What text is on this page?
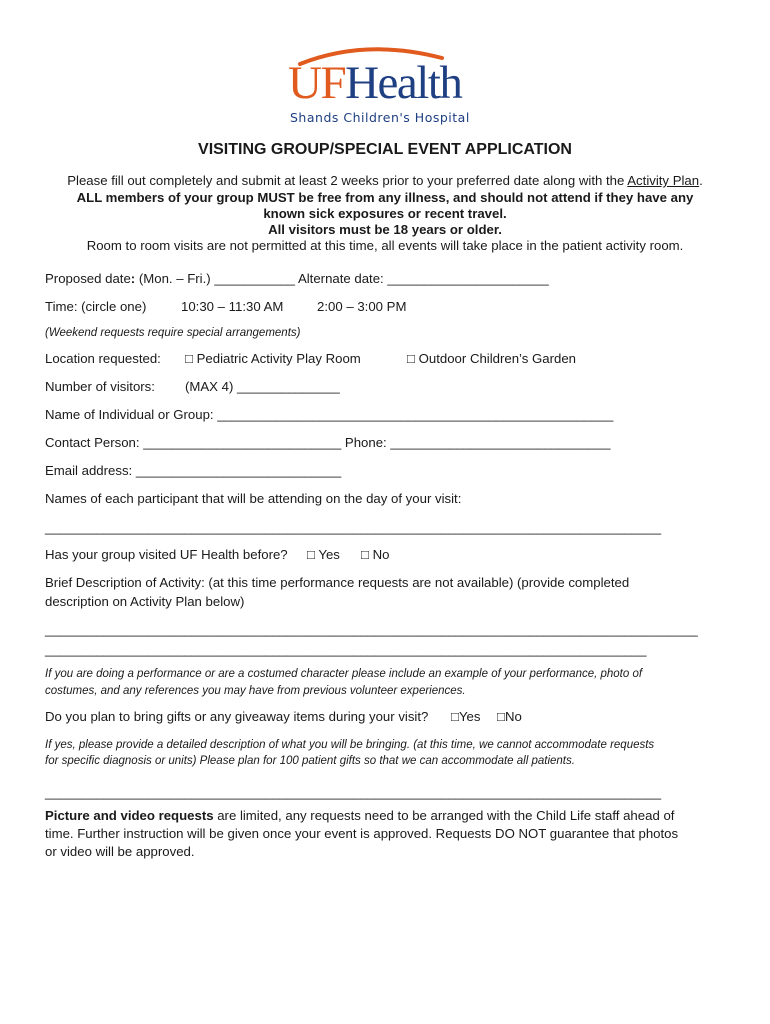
UFHealth
Shands Children's Hospital
VISITING GROUP/SPECIAL EVENT APPLICATION
Please fill out completely and submit at least 2 weeks prior to your preferred date along with the Activity Plan.
ALL members of your group MUST be free from any illness, and should not attend if they have any
known sick exposures or recent travel.
All visitors must be 18 years or older.
Room to room visits are not permitted at this time, all events will take place in the patient activity room.
Proposed date: (Mon. – Fri.) ___________ Alternate date: ______________________
Time: (circle one)	10:30 – 11:30 AM	2:00 – 3:00 PM
(Weekend requests require special arrangements)
Location requested: □ Pediatric Activity Play Room	□ Outdoor Children’s Garden
Number of visitors: (MAX 4) ______________
Name of Individual or Group: ______________________________________________________
Contact Person: ___________________________ Phone: ______________________________
Email address: ____________________________
Names of each participant that will be attending on the day of your visit:
____________________________________________________________________________________
Has your group visited UF Health before? □ Yes □ No
Brief Description of Activity: (at this time performance requests are not available) (provide completed
description on Activity Plan below)
_________________________________________________________________________________________
__________________________________________________________________________________
If you are doing a performance or are a costumed character please include an example of your performance, photo of
costumes, and any references you may have from previous volunteer experiences.
Do you plan to bring gifts or any giveaway items during your visit? □Yes □No
If yes, please provide a detailed description of what you will be bringing. (at this time, we cannot accommodate requests
for specific diagnosis or units) Please plan for 100 patient gifts so that we can accommodate all patients.
____________________________________________________________________________________
Picture and video requests are limited, any requests need to be arranged with the Child Life staff ahead of
time. Further instruction will be given once your event is approved. Requests DO NOT guarantee that photos
or video will be approved.
